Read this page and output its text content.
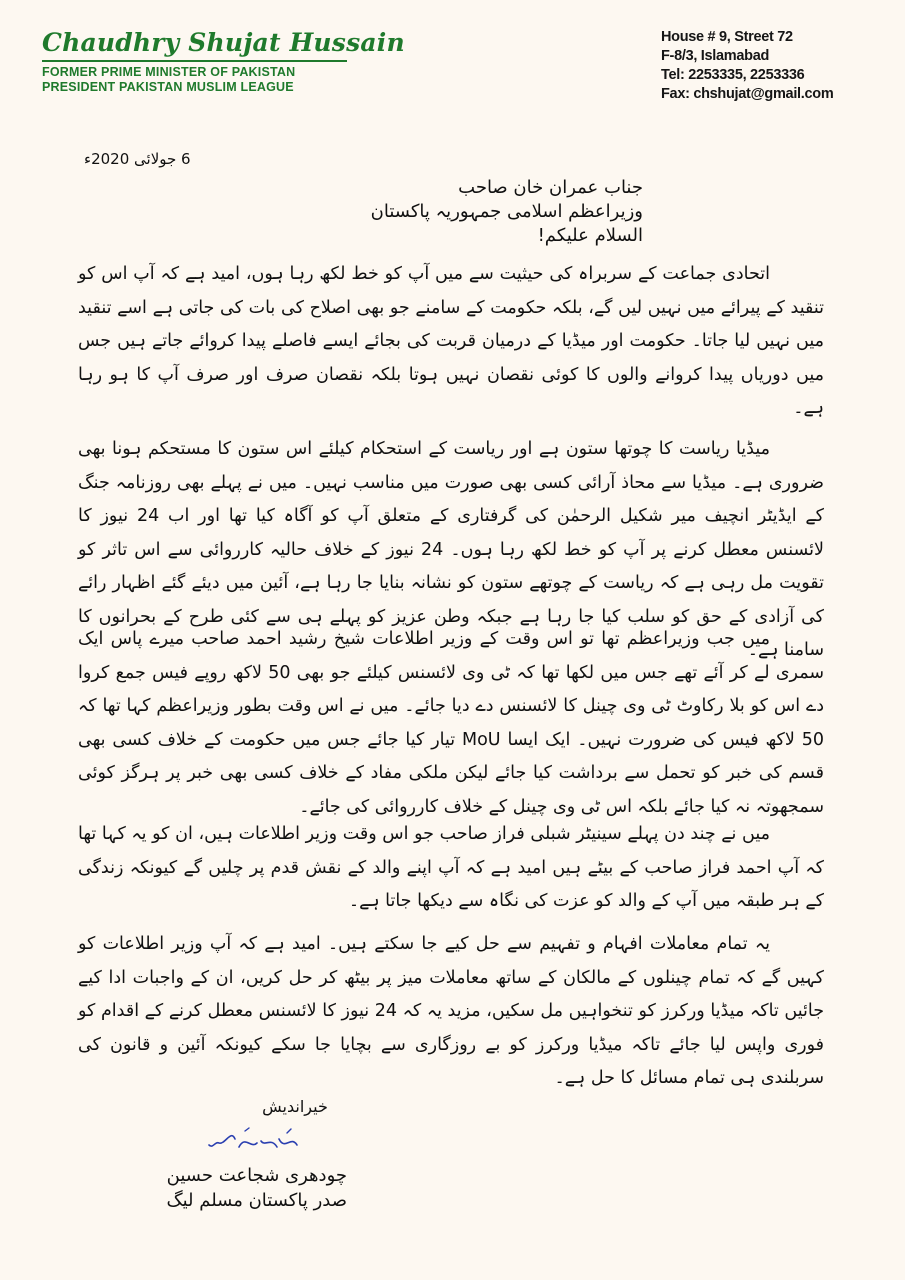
Chaudhry Shujat Hussain
FORMER PRIME MINISTER OF PAKISTAN
PRESIDENT PAKISTAN MUSLIM LEAGUE
House # 9, Street 72
F-8/3, Islamabad
Tel: 2253335, 2253336
Fax: chshujat@gmail.com
6 جولائی 2020ء
جناب عمران خان صاحب
وزیراعظم اسلامی جمہوریہ پاکستان
السلام علیکم!

اتحادی جماعت کے سربراہ کی حیثیت سے میں آپ کو خط لکھ رہا ہوں، امید ہے کہ آپ اس کو تنقید کے پیرائے میں نہیں لیں گے، بلکہ حکومت کے سامنے جو بھی اصلاح کی بات کی جاتی ہے اسے تنقید میں نہیں لیا جاتا۔ حکومت اور میڈیا کے درمیان قربت کی بجائے ایسے فاصلے پیدا کروائے جاتے ہیں جس میں دوریاں پیدا کروانے والوں کا کوئی نقصان نہیں ہوتا بلکہ نقصان صرف اور صرف آپ کا ہو رہا ہے۔

میڈیا ریاست کا چوتھا ستون ہے اور ریاست کے استحکام کیلئے اس ستون کا مستحکم ہونا بھی ضروری ہے۔ میڈیا سے محاذ آرائی کسی بھی صورت میں مناسب نہیں۔ میں نے پہلے بھی روزنامہ جنگ کے ایڈیٹر انچیف میر شکیل الرحمٰن کی گرفتاری کے متعلق آپ کو آگاہ کیا تھا اور اب 24 نیوز کا لائسنس معطل کرنے پر آپ کو خط لکھ رہا ہوں۔ 24 نیوز کے خلاف حالیہ کارروائی سے اس تاثر کو تقویت مل رہی ہے کہ ریاست کے چوتھے ستون کو نشانہ بنایا جا رہا ہے، آئین میں دیئے گئے اظہار رائے کی آزادی کے حق کو سلب کیا جا رہا ہے جبکہ وطن عزیز کو پہلے ہی سے کئی طرح کے بحرانوں کا سامنا ہے۔

میں جب وزیراعظم تھا تو اس وقت کے وزیر اطلاعات شیخ رشید احمد صاحب میرے پاس ایک سمری لے کر آئے تھے جس میں لکھا تھا کہ ٹی وی لائسنس کیلئے جو بھی 50 لاکھ روپے فیس جمع کروا دے اس کو بلا رکاوٹ ٹی وی چینل کا لائسنس دے دیا جائے۔ میں نے اس وقت بطور وزیراعظم کہا تھا کہ 50 لاکھ فیس کی ضرورت نہیں۔ ایک ایسا MoU تیار کیا جائے جس میں حکومت کے خلاف کسی بھی قسم کی خبر کو تحمل سے برداشت کیا جائے لیکن ملکی مفاد کے خلاف کسی بھی خبر پر ہرگز کوئی سمجھوتہ نہ کیا جائے بلکہ اس ٹی وی چینل کے خلاف کارروائی کی جائے۔

میں نے چند دن پہلے سینیٹر شبلی فراز صاحب جو اس وقت وزیر اطلاعات ہیں، ان کو یہ کہا تھا کہ آپ احمد فراز صاحب کے بیٹے ہیں امید ہے کہ آپ اپنے والد کے نقش قدم پر چلیں گے کیونکہ زندگی کے ہر طبقہ میں آپ کے والد کو عزت کی نگاہ سے دیکھا جاتا ہے۔

یہ تمام معاملات افہام و تفہیم سے حل کیے جا سکتے ہیں۔ امید ہے کہ آپ وزیر اطلاعات کو کہیں گے کہ تمام چینلوں کے مالکان کے ساتھ معاملات میز پر بیٹھ کر حل کریں، ان کے واجبات ادا کیے جائیں تاکہ میڈیا ورکرز کو تنخواہیں مل سکیں، مزید یہ کہ 24 نیوز کا لائسنس معطل کرنے کے اقدام کو فوری واپس لیا جائے تاکہ میڈیا ورکرز کو بے روزگاری سے بچایا جا سکے کیونکہ آئین و قانون کی سربلندی ہی تمام مسائل کا حل ہے۔

خیراندیش
چودھری شجاعت حسین
صدر پاکستان مسلم لیگ
